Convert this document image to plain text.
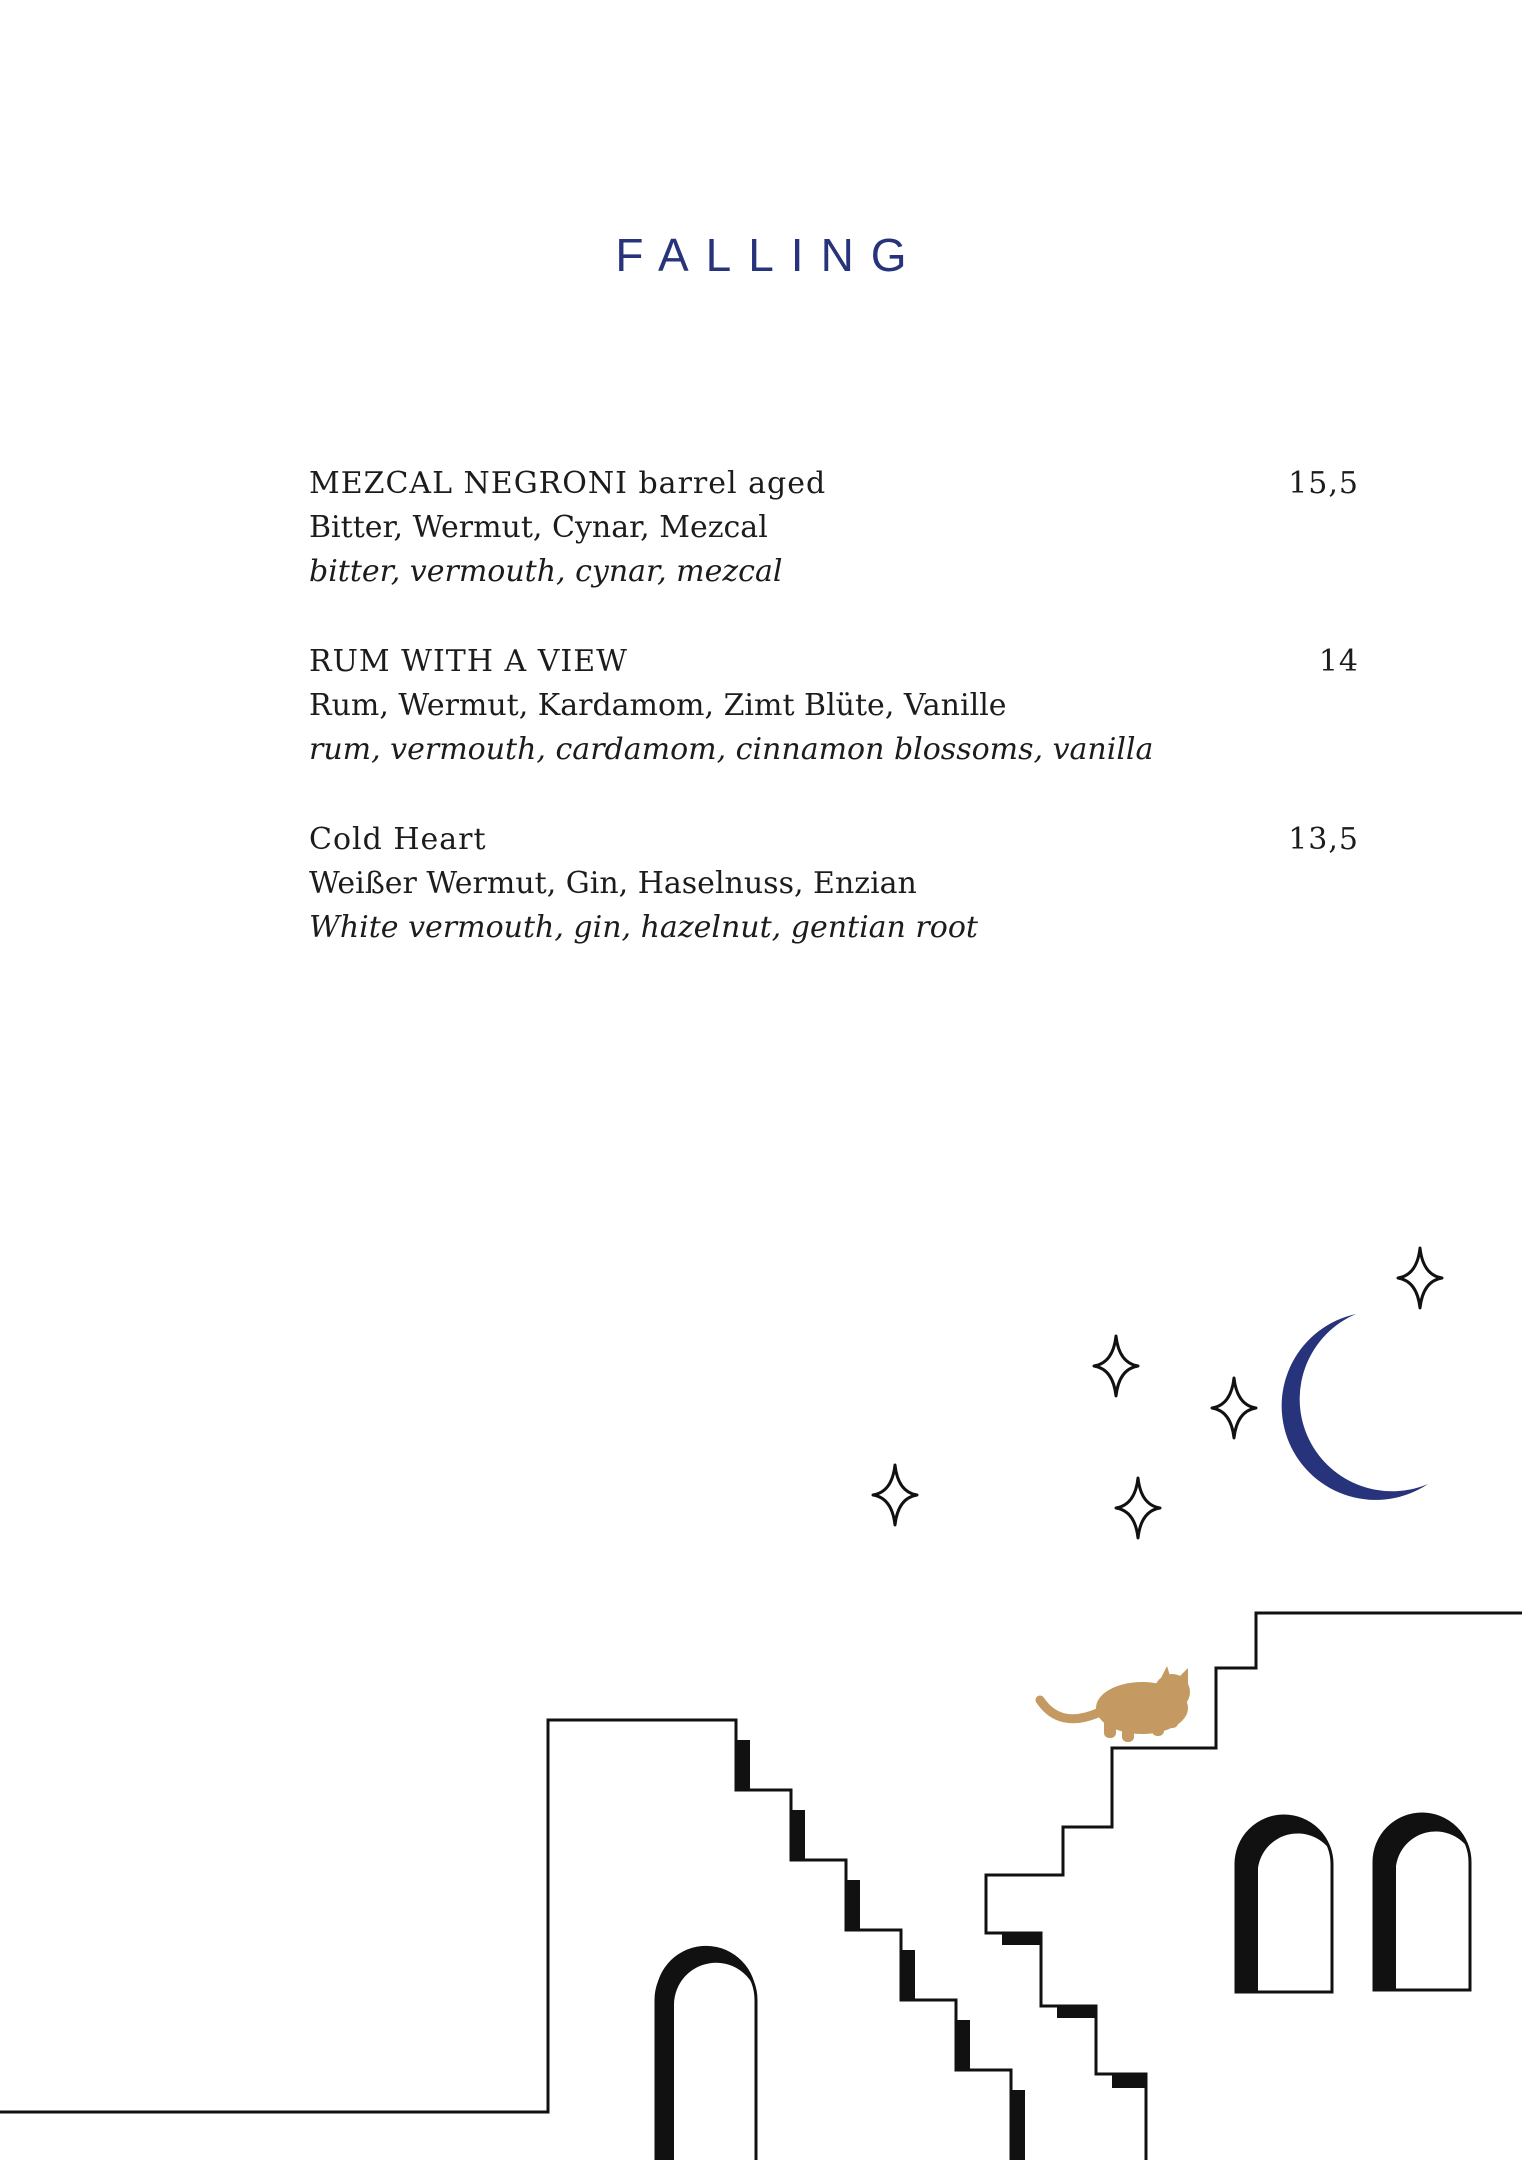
FALLING
MEZCAL NEGRONI barrel aged	15,5
Bitter, Wermut, Cynar, Mezcal
bitter, vermouth, cynar, mezcal
RUM WITH A VIEW	14
Rum, Wermut, Kardamom, Zimt Blüte, Vanille
rum, vermouth, cardamom, cinnamon blossoms, vanilla
Cold Heart	13,5
Weißer Wermut, Gin, Haselnuss, Enzian
White vermouth, gin, hazelnut, gentian root
